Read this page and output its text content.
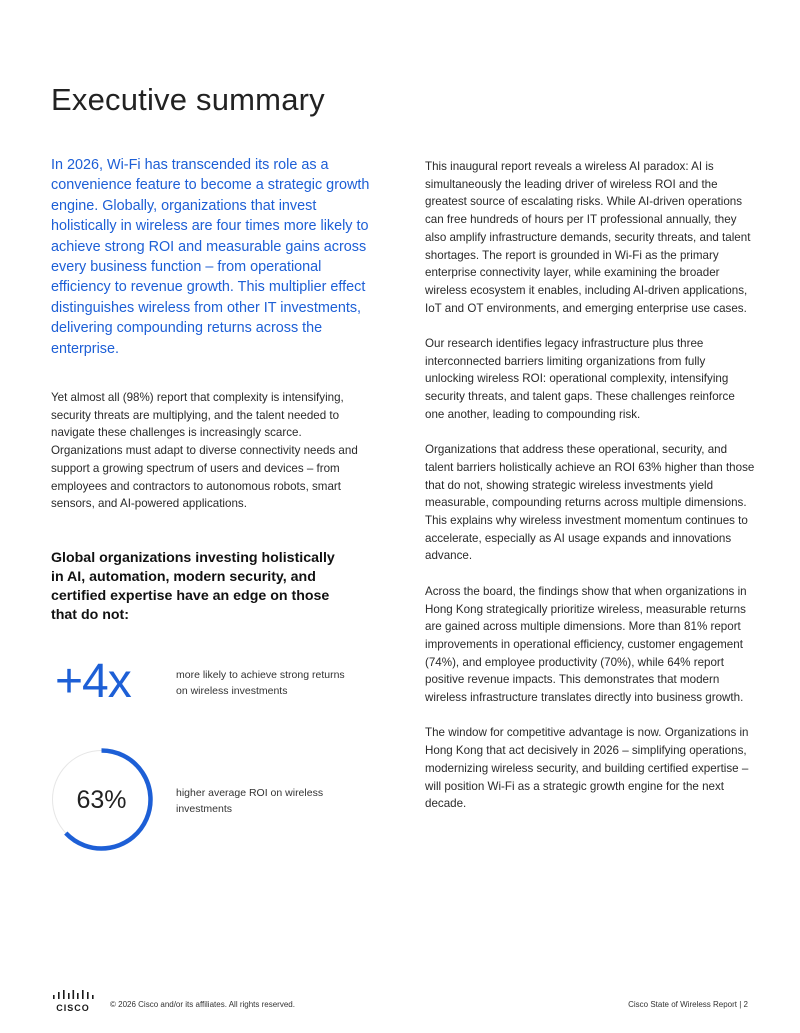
Executive summary
In 2026, Wi-Fi has transcended its role as a convenience feature to become a strategic growth engine. Globally, organizations that invest holistically in wireless are four times more likely to achieve strong ROI and measurable gains across every business function – from operational efficiency to revenue growth. This multiplier effect distinguishes wireless from other IT investments, delivering compounding returns across the enterprise.
Yet almost all (98%) report that complexity is intensifying, security threats are multiplying, and the talent needed to navigate these challenges is increasingly scarce. Organizations must adapt to diverse connectivity needs and support a growing spectrum of users and devices – from employees and contractors to autonomous robots, smart sensors, and AI-powered applications.
Global organizations investing holistically in AI, automation, modern security, and certified expertise have an edge on those that do not:
+4x	more likely to achieve strong returns on wireless investments
63%	higher average ROI on wireless investments

This inaugural report reveals a wireless AI paradox: AI is simultaneously the leading driver of wireless ROI and the greatest source of escalating risks. While AI-driven operations can free hundreds of hours per IT professional annually, they also amplify infrastructure demands, security threats, and talent shortages. The report is grounded in Wi-Fi as the primary enterprise connectivity layer, while examining the broader wireless ecosystem it enables, including AI-driven applications, IoT and OT environments, and emerging enterprise use cases.

Our research identifies legacy infrastructure plus three interconnected barriers limiting organizations from fully unlocking wireless ROI: operational complexity, intensifying security threats, and talent gaps. These challenges reinforce one another, leading to compounding risk.

Organizations that address these operational, security, and talent barriers holistically achieve an ROI 63% higher than those that do not, showing strategic wireless investments yield measurable, compounding returns across multiple dimensions. This explains why wireless investment momentum continues to accelerate, especially as AI usage expands and innovations advance.

Across the board, the findings show that when organizations in Hong Kong strategically prioritize wireless, measurable returns are gained across multiple dimensions. More than 81% report improvements in operational efficiency, customer engagement (74%), and employee productivity (70%), while 64% report positive revenue impacts. This demonstrates that modern wireless infrastructure translates directly into business growth.

The window for competitive advantage is now. Organizations in Hong Kong that act decisively in 2026 – simplifying operations, modernizing wireless security, and building certified expertise – will position Wi-Fi as a strategic growth engine for the next decade.

CISCO	© 2026 Cisco and/or its affiliates. All rights reserved.	Cisco State of Wireless Report | 2
